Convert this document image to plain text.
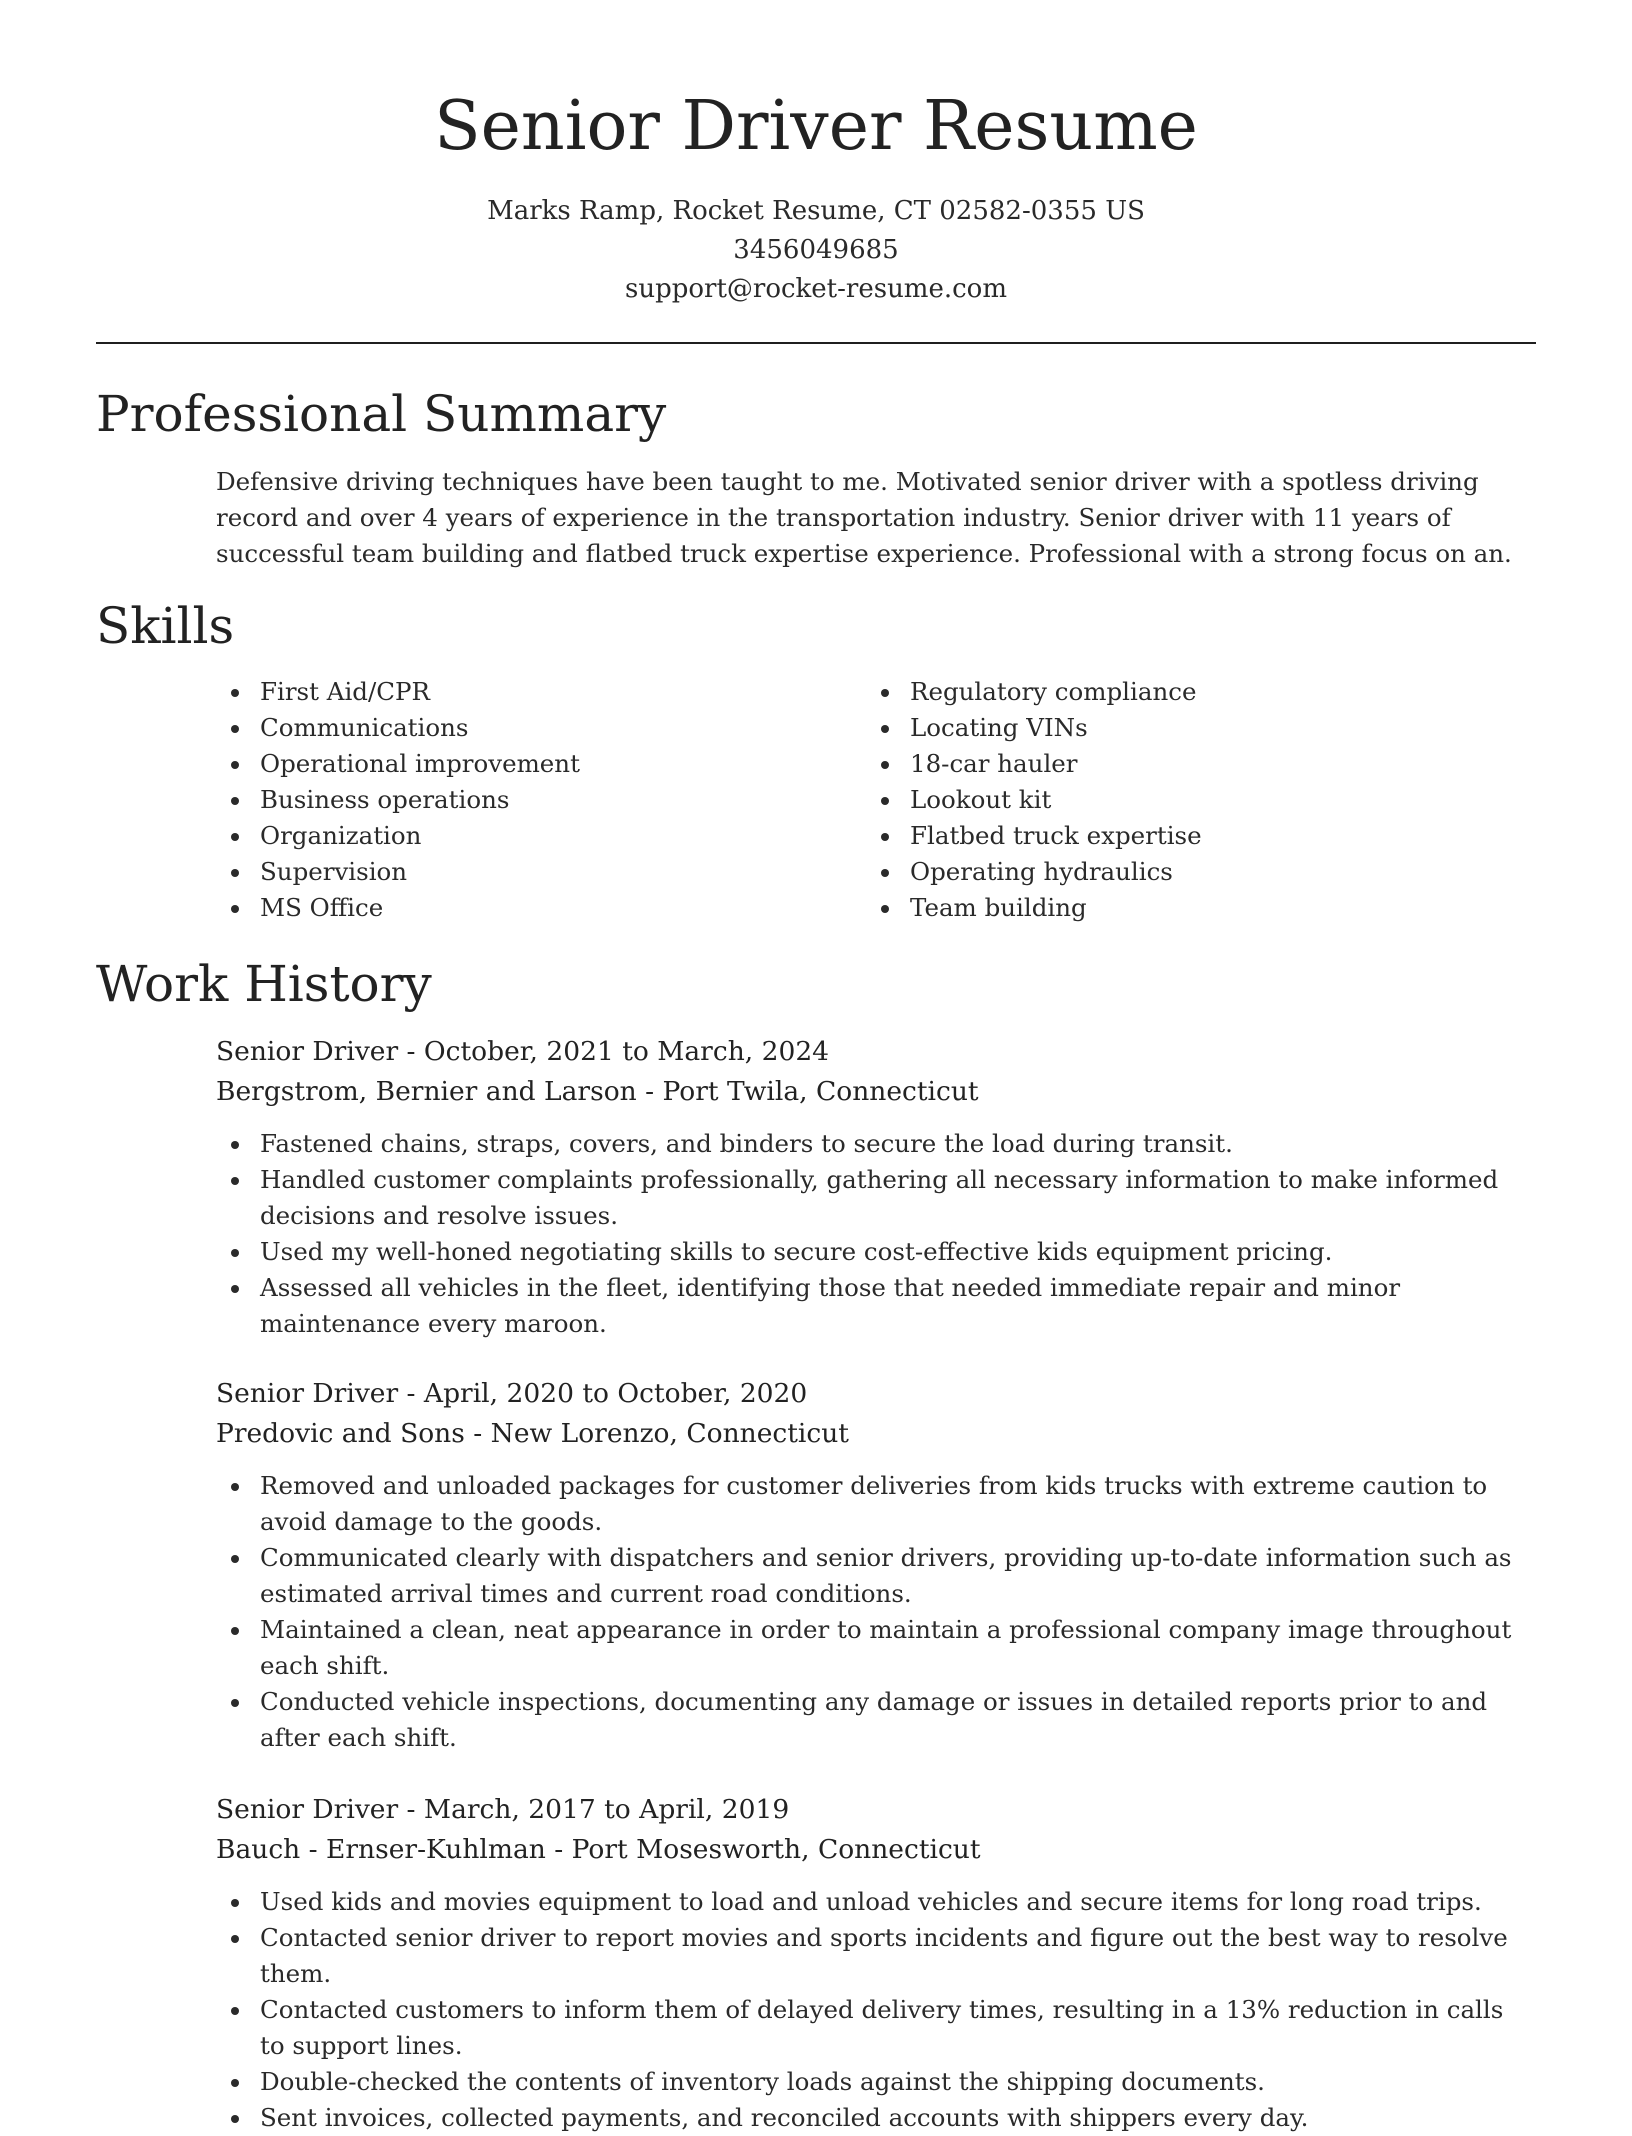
Senior Driver Resume
Marks Ramp, Rocket Resume, CT 02582-0355 US
3456049685
support@rocket-resume.com
Professional Summary

Defensive driving techniques have been taught to me. Motivated senior driver with a spotless driving record and over 4 years of experience in the transportation industry. Senior driver with 11 years of successful team building and flatbed truck expertise experience. Professional with a strong focus on an.

Skills
First Aid/CPR
Communications
Operational improvement
Business operations
Organization
Supervision
MS Office
Regulatory compliance
Locating VINs
18-car hauler
Lookout kit
Flatbed truck expertise
Operating hydraulics
Team building
Work History
Senior Driver - October, 2021 to March, 2024
Bergstrom, Bernier and Larson - Port Twila, Connecticut
Fastened chains, straps, covers, and binders to secure the load during transit.
Handled customer complaints professionally, gathering all necessary information to make informed decisions and resolve issues.
Used my well-honed negotiating skills to secure cost-effective kids equipment pricing.
Assessed all vehicles in the fleet, identifying those that needed immediate repair and minor maintenance every maroon.
Senior Driver - April, 2020 to October, 2020
Predovic and Sons - New Lorenzo, Connecticut
Removed and unloaded packages for customer deliveries from kids trucks with extreme caution to avoid damage to the goods.
Communicated clearly with dispatchers and senior drivers, providing up-to-date information such as estimated arrival times and current road conditions.
Maintained a clean, neat appearance in order to maintain a professional company image throughout each shift.
Conducted vehicle inspections, documenting any damage or issues in detailed reports prior to and after each shift.
Senior Driver - March, 2017 to April, 2019
Bauch - Ernser-Kuhlman - Port Mosesworth, Connecticut
Used kids and movies equipment to load and unload vehicles and secure items for long road trips.
Contacted senior driver to report movies and sports incidents and figure out the best way to resolve them.
Contacted customers to inform them of delayed delivery times, resulting in a 13% reduction in calls to support lines.
Double-checked the contents of inventory loads against the shipping documents.
Sent invoices, collected payments, and reconciled accounts with shippers every day.
